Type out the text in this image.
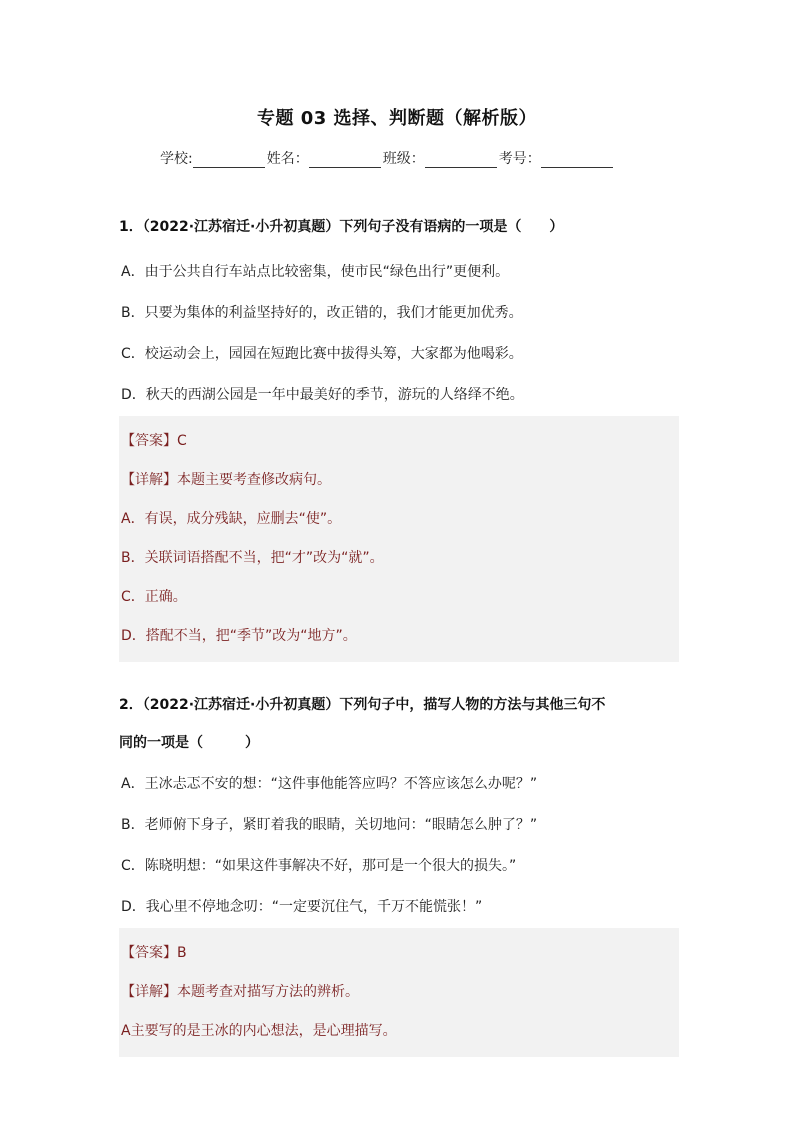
专题 03 选择、判断题（解析版）
学校:	姓名：	班级：	考号：
1．（2022·江苏宿迁·小升初真题）下列句子没有语病的一项是（　　）
A．由于公共自行车站点比较密集，使市民“绿色出行”更便利。
B．只要为集体的利益坚持好的，改正错的，我们才能更加优秀。
C．校运动会上，园园在短跑比赛中拔得头筹，大家都为他喝彩。
D．秋天的西湖公园是一年中最美好的季节，游玩的人络绎不绝。
【答案】C
【详解】本题主要考查修改病句。
A．有误，成分残缺，应删去“使”。
B．关联词语搭配不当，把“才”改为“就”。
C．正确。
D．搭配不当，把“季节”改为“地方”。
2．（2022·江苏宿迁·小升初真题）下列句子中，描写人物的方法与其他三句不
同的一项是（　　　）
A．王冰忐忑不安的想：“这件事他能答应吗？不答应该怎么办呢？”
B．老师俯下身子，紧盯着我的眼睛，关切地问：“眼睛怎么肿了？”
C．陈晓明想：“如果这件事解决不好，那可是一个很大的损失。”
D．我心里不停地念叨：“一定要沉住气，千万不能慌张！”
【答案】B
【详解】本题考查对描写方法的辨析。
A主要写的是王冰的内心想法，是心理描写。
